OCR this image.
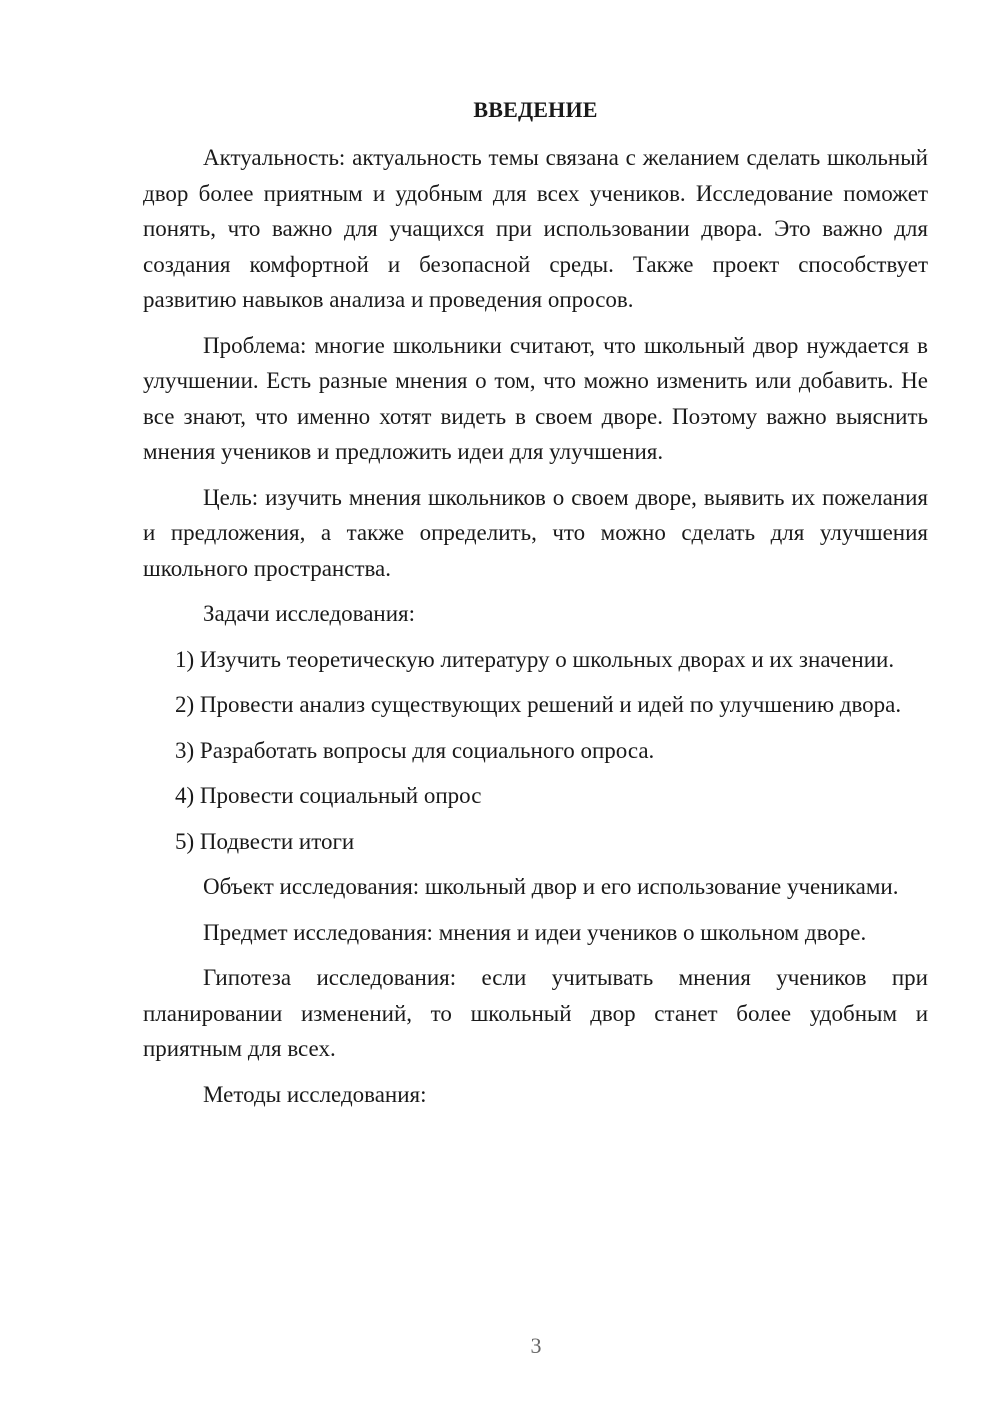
ВВЕДЕНИЕ

Актуальность: актуальность темы связана с желанием сделать школьный двор более приятным и удобным для всех учеников. Исследование поможет понять, что важно для учащихся при использовании двора. Это важно для создания комфортной и безопасной среды. Также проект способствует развитию навыков анализа и проведения опросов.

Проблема: многие школьники считают, что школьный двор нуждается в улучшении. Есть разные мнения о том, что можно изменить или добавить. Не все знают, что именно хотят видеть в своем дворе. Поэтому важно выяснить мнения учеников и предложить идеи для улучшения.

Цель: изучить мнения школьников о своем дворе, выявить их пожелания и предложения, а также определить, что можно сделать для улучшения школьного пространства.

Задачи исследования:

1) Изучить теоретическую литературу о школьных дворах и их значении.

2) Провести анализ существующих решений и идей по улучшению двора.

3) Разработать вопросы для социального опроса.

4) Провести социальный опрос

5) Подвести итоги

Объект исследования: школьный двор и его использование учениками.

Предмет исследования: мнения и идеи учеников о школьном дворе.

Гипотеза исследования: если учитывать мнения учеников при планировании изменений, то школьный двор станет более удобным и приятным для всех.

Методы исследования:

3
